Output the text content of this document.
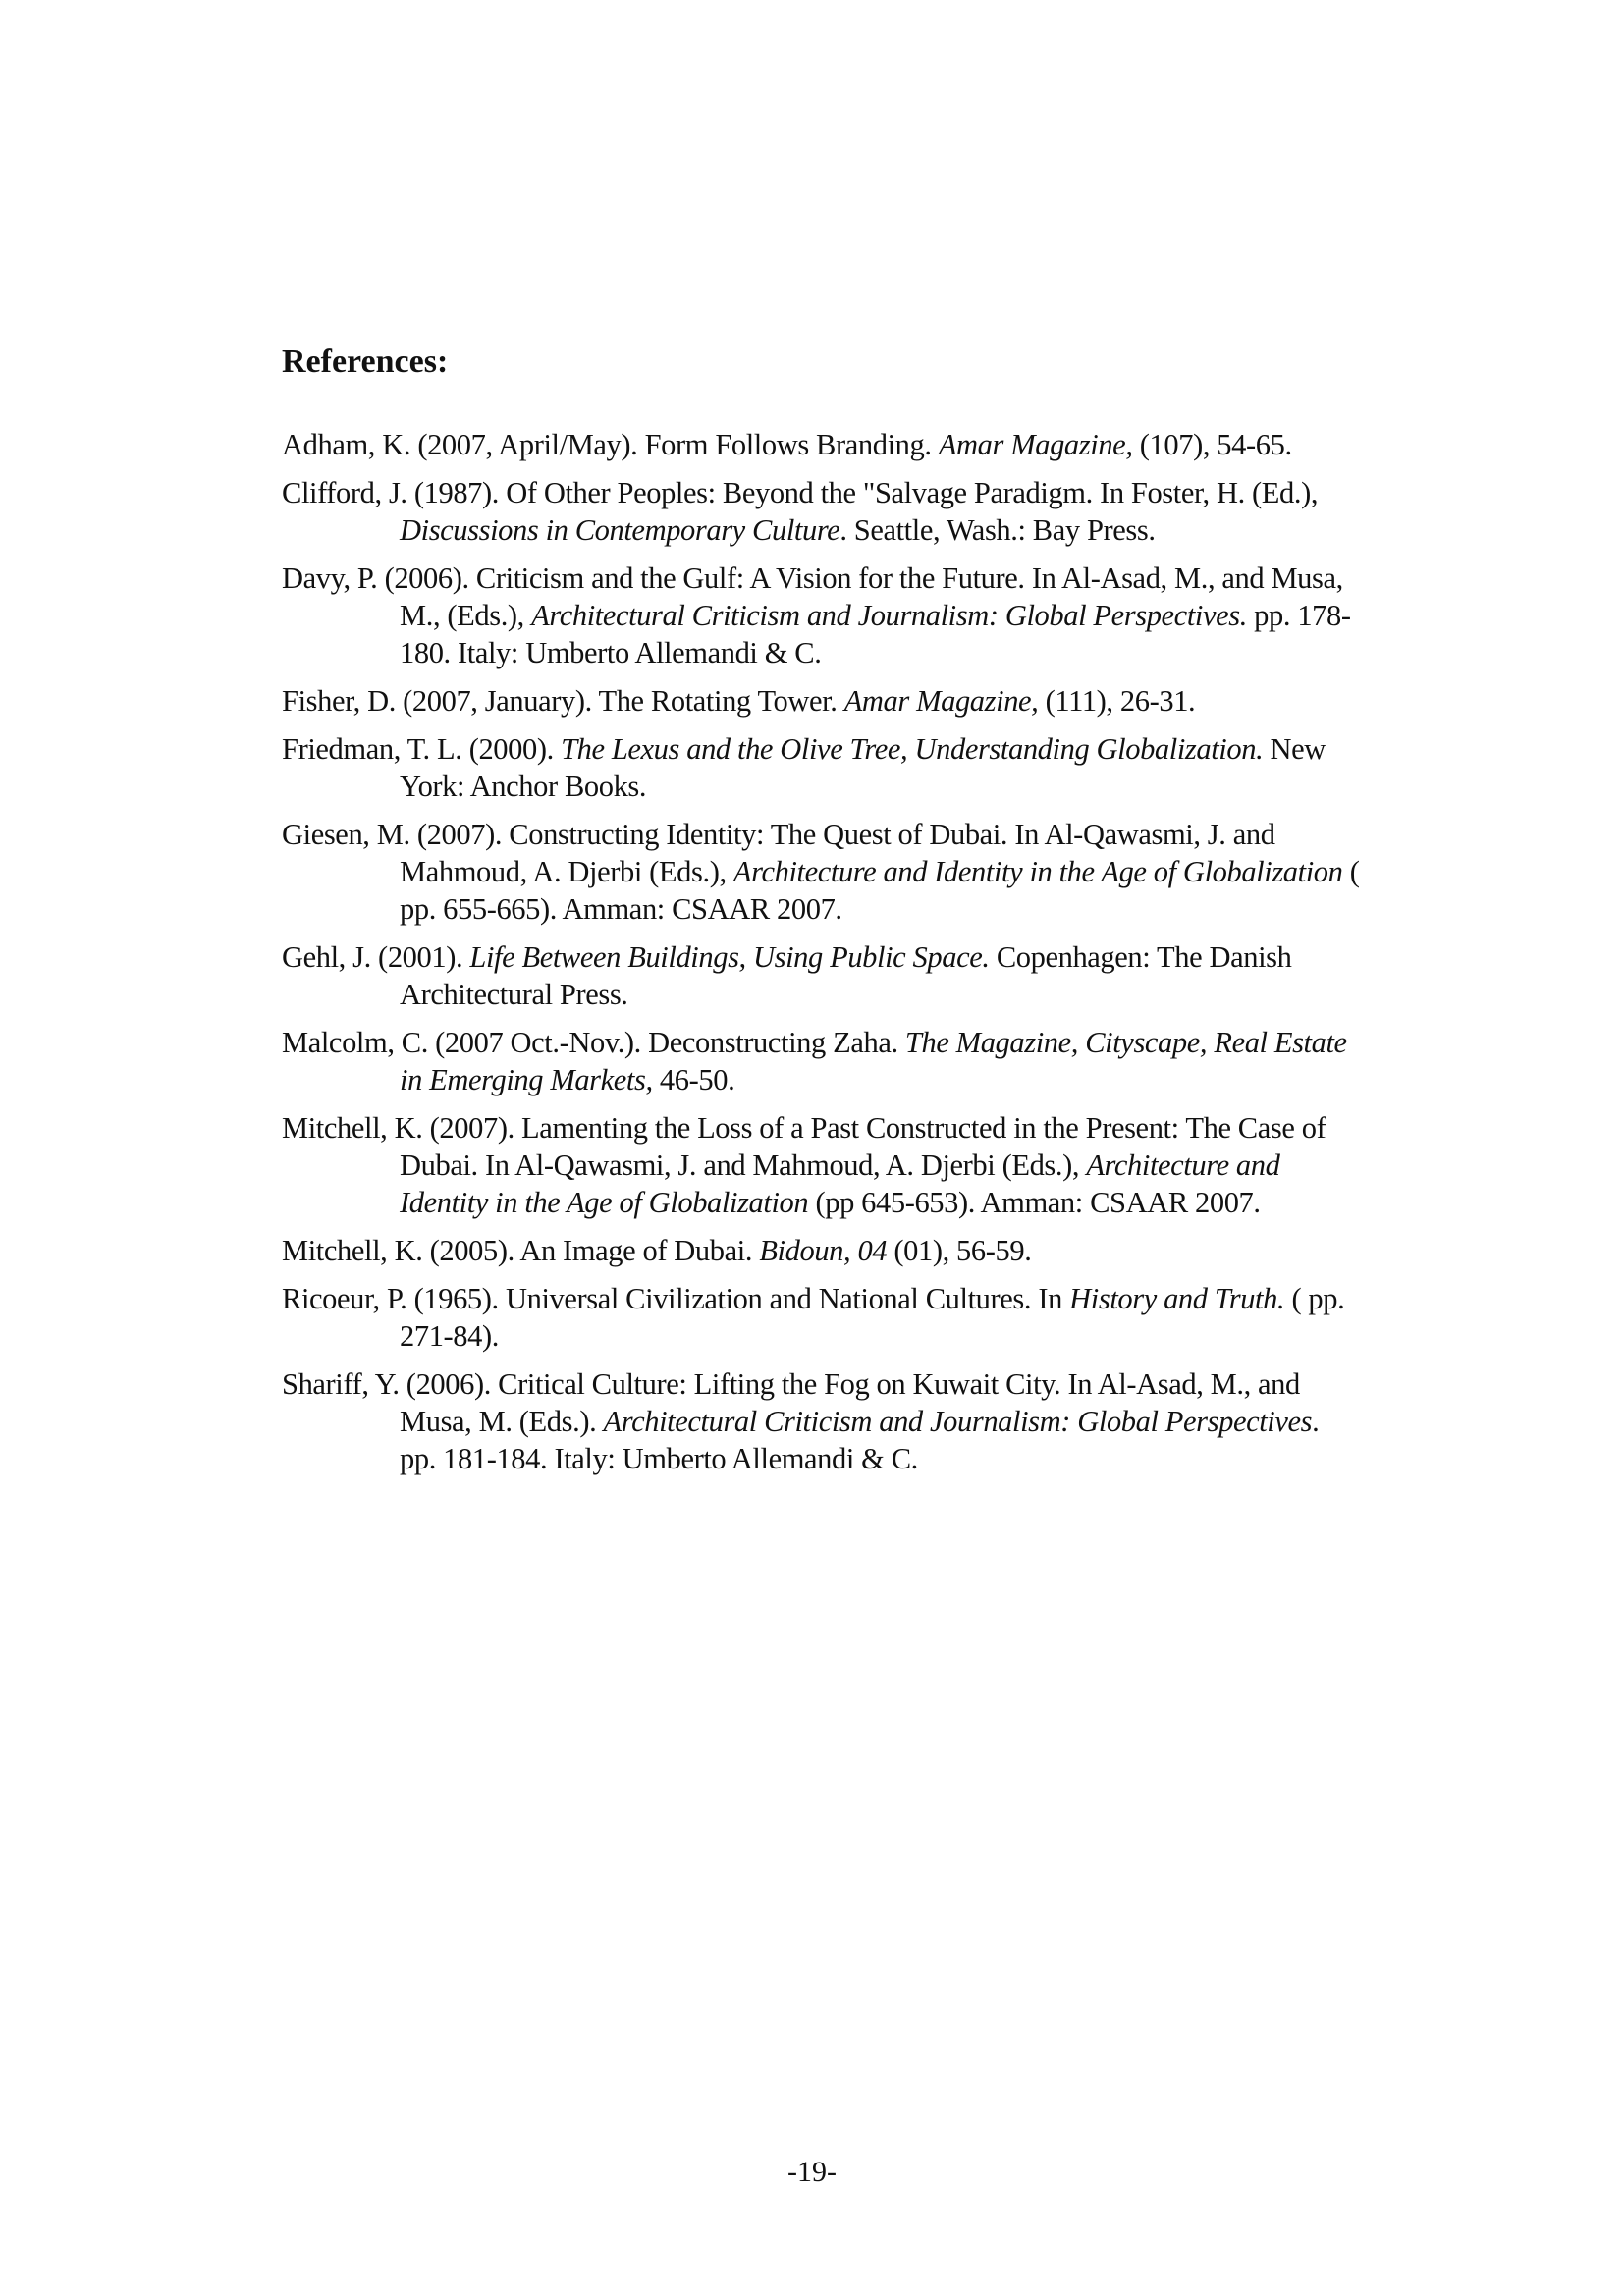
References:
Adham, K. (2007, April/May). Form Follows Branding. Amar Magazine, (107), 54-65.
Clifford, J. (1987). Of Other Peoples: Beyond the "Salvage Paradigm. In Foster, H. (Ed.), Discussions in Contemporary Culture. Seattle, Wash.: Bay Press.
Davy, P. (2006). Criticism and the Gulf: A Vision for the Future. In Al-Asad, M., and Musa, M., (Eds.), Architectural Criticism and Journalism: Global Perspectives. pp. 178-180. Italy: Umberto Allemandi & C.
Fisher, D. (2007, January). The Rotating Tower. Amar Magazine, (111), 26-31.
Friedman, T. L. (2000). The Lexus and the Olive Tree, Understanding Globalization. New York: Anchor Books.
Giesen, M. (2007). Constructing Identity: The Quest of Dubai. In Al-Qawasmi, J. and Mahmoud, A. Djerbi (Eds.), Architecture and Identity in the Age of Globalization ( pp. 655-665). Amman: CSAAR 2007.
Gehl, J. (2001). Life Between Buildings, Using Public Space. Copenhagen: The Danish Architectural Press.
Malcolm, C. (2007 Oct.-Nov.). Deconstructing Zaha. The Magazine, Cityscape, Real Estate in Emerging Markets, 46-50.
Mitchell, K. (2007). Lamenting the Loss of a Past Constructed in the Present: The Case of Dubai. In Al-Qawasmi, J. and Mahmoud, A. Djerbi (Eds.), Architecture and Identity in the Age of Globalization (pp 645-653). Amman: CSAAR 2007.
Mitchell, K. (2005). An Image of Dubai. Bidoun, 04 (01), 56-59.
Ricoeur, P. (1965). Universal Civilization and National Cultures. In History and Truth. ( pp. 271-84).
Shariff, Y. (2006). Critical Culture: Lifting the Fog on Kuwait City. In Al-Asad, M., and Musa, M. (Eds.). Architectural Criticism and Journalism: Global Perspectives. pp. 181-184. Italy: Umberto Allemandi & C.
-19-
